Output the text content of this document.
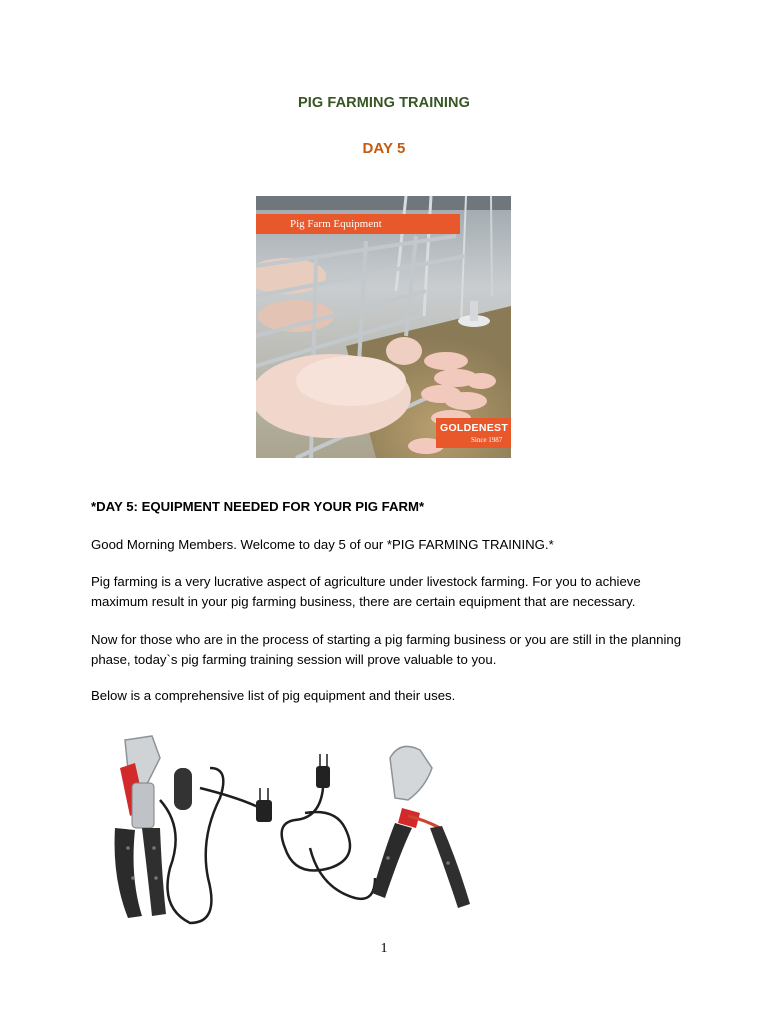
PIG FARMING TRAINING
DAY 5
Pig Farm Equipment
GOLDENEST
Since 1987

*DAY 5: EQUIPMENT NEEDED FOR YOUR PIG FARM*

Good Morning Members. Welcome to day 5 of our *PIG FARMING TRAINING.*

Pig farming is a very lucrative aspect of agriculture under livestock farming. For you to achieve maximum result in your pig farming business, there are certain equipment that are necessary.

Now for those who are in the process of starting a pig farming business or you are still in the planning phase, today`s pig farming training session will prove valuable to you.

Below is a comprehensive list of pig equipment and their uses.

1
